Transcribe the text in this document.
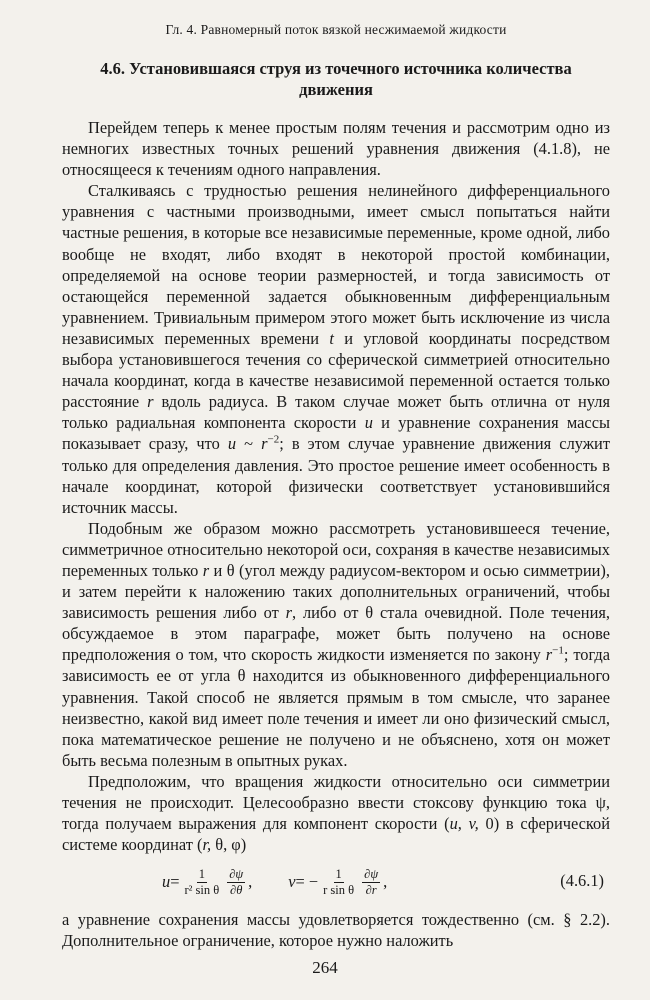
Гл. 4. Равномерный поток вязкой несжимаемой жидкости
4.6. Установившаяся струя из точечного источника количества движения

Перейдем теперь к менее простым полям течения и рассмотрим одно из немногих известных точных решений уравнения движения (4.1.8), не относящееся к течениям одного направления.

Сталкиваясь с трудностью решения нелинейного дифференциального уравнения с частными производными, имеет смысл попытаться найти частные решения, в которые все независимые переменные, кроме одной, либо вообще не входят, либо входят в некоторой простой комбинации, определяемой на основе теории размерностей, и тогда зависимость от остающейся переменной задается обыкновенным дифференциальным уравнением. Тривиальным примером этого может быть исключение из числа независимых переменных времени t и угловой координаты посредством выбора установившегося течения со сферической симметрией относительно начала координат, когда в качестве независимой переменной остается только расстояние r вдоль радиуса. В таком случае может быть отлична от нуля только радиальная компонента скорости u и уравнение сохранения массы показывает сразу, что u ~ $r^{-2}$; в этом случае уравнение движения служит только для определения давления. Это простое решение имеет особенность в начале координат, которой физически соответствует установившийся источник массы.

Подобным же образом можно рассмотреть установившееся течение, симметричное относительно некоторой оси, сохраняя в качестве независимых переменных только r и θ (угол между радиусом-вектором и осью симметрии), и затем перейти к наложению таких дополнительных ограничений, чтобы зависимость решения либо от r, либо от θ стала очевидной. Поле течения, обсуждаемое в этом параграфе, может быть получено на основе предположения о том, что скорость жидкости изменяется по закону $r^{-1}$; тогда зависимость ее от угла θ находится из обыкновенного дифференциального уравнения. Такой способ не является прямым в том смысле, что заранее неизвестно, какой вид имеет поле течения и имеет ли оно физический смысл, пока математическое решение не получено и не объяснено, хотя он может быть весьма полезным в опытных руках.

Предположим, что вращения жидкости относительно оси симметрии течения не происходит. Целесообразно ввести стоксову функцию тока ψ, тогда получаем выражения для компонент скорости (u, v, 0) в сферической системе координат (r, θ, φ)

$u = \frac{1}{\text{r² sin θ}} \frac{\partial\psi}{\partial\theta}$ , v = − $\frac{1}{\text{r sin θ}} \frac{\partial\psi}{\partial r}$ ,	(4.6.1)

а уравнение сохранения массы удовлетворяется тождественно (см. § 2.2). Дополнительное ограничение, которое нужно наложить

264
